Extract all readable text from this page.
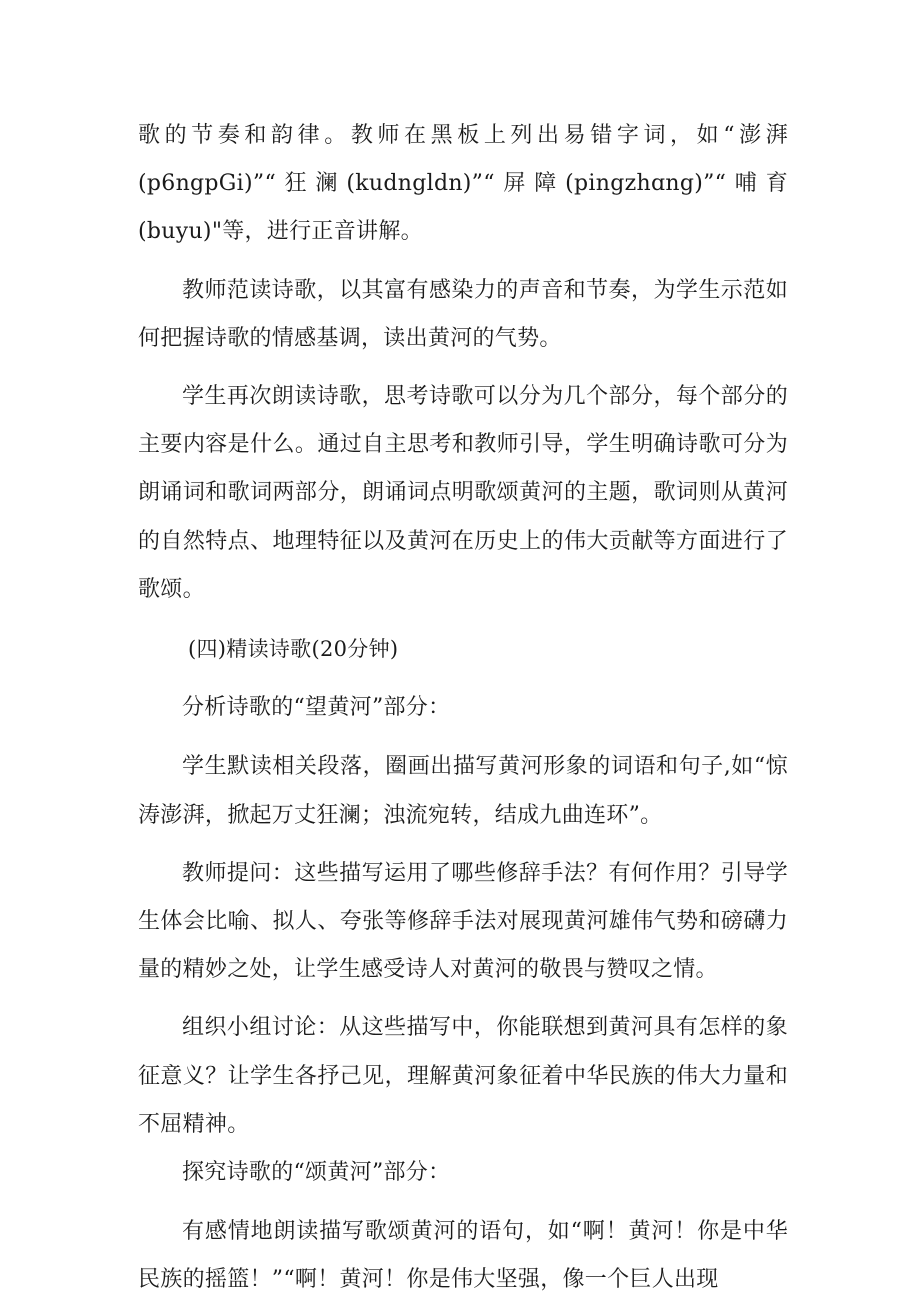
歌的节奏和韵律。教师在黑板上列出易错字词，如“澎湃(p6ngpGi)”“狂澜(kudngldn)”“屏障(pingzhɑng)”“哺育(buyu)"等，进行正音讲解。

教师范读诗歌，以其富有感染力的声音和节奏，为学生示范如何把握诗歌的情感基调，读出黄河的气势。

学生再次朗读诗歌，思考诗歌可以分为几个部分，每个部分的主要内容是什么。通过自主思考和教师引导，学生明确诗歌可分为朗诵词和歌词两部分，朗诵词点明歌颂黄河的主题，歌词则从黄河的自然特点、地理特征以及黄河在历史上的伟大贡献等方面进行了歌颂。

(四)精读诗歌(20分钟)

分析诗歌的“望黄河”部分：

学生默读相关段落，圈画出描写黄河形象的词语和句子,如“惊涛澎湃，掀起万丈狂澜；浊流宛转，结成九曲连环”。

教师提问：这些描写运用了哪些修辞手法？有何作用？引导学生体会比喻、拟人、夸张等修辞手法对展现黄河雄伟气势和磅礴力量的精妙之处，让学生感受诗人对黄河的敬畏与赞叹之情。

组织小组讨论：从这些描写中，你能联想到黄河具有怎样的象征意义？让学生各抒己见，理解黄河象征着中华民族的伟大力量和不屈精神。

探究诗歌的“颂黄河”部分：

有感情地朗读描写歌颂黄河的语句，如“啊！黄河！你是中华民族的摇篮！”“啊！黄河！你是伟大坚强，像一个巨人出现
